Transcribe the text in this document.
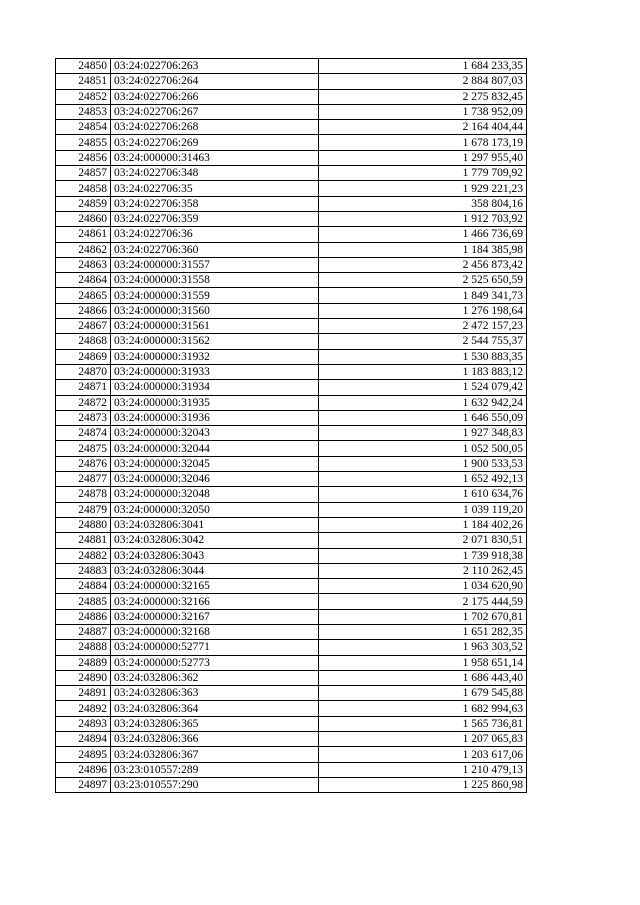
24850	03:24:022706:263	1 684 233,35
24851	03:24:022706:264	2 884 807,03
24852	03:24:022706:266	2 275 832,45
24853	03:24:022706:267	1 738 952,09
24854	03:24:022706:268	2 164 404,44
24855	03:24:022706:269	1 678 173,19
24856	03:24:000000:31463	1 297 955,40
24857	03:24:022706:348	1 779 709,92
24858	03:24:022706:35	1 929 221,23
24859	03:24:022706:358	358 804,16
24860	03:24:022706:359	1 912 703,92
24861	03:24:022706:36	1 466 736,69
24862	03:24:022706:360	1 184 385,98
24863	03:24:000000:31557	2 456 873,42
24864	03:24:000000:31558	2 525 650,59
24865	03:24:000000:31559	1 849 341,73
24866	03:24:000000:31560	1 276 198,64
24867	03:24:000000:31561	2 472 157,23
24868	03:24:000000:31562	2 544 755,37
24869	03:24:000000:31932	1 530 883,35
24870	03:24:000000:31933	1 183 883,12
24871	03:24:000000:31934	1 524 079,42
24872	03:24:000000:31935	1 632 942,24
24873	03:24:000000:31936	1 646 550,09
24874	03:24:000000:32043	1 927 348,83
24875	03:24:000000:32044	1 052 500,05
24876	03:24:000000:32045	1 900 533,53
24877	03:24:000000:32046	1 652 492,13
24878	03:24:000000:32048	1 610 634,76
24879	03:24:000000:32050	1 039 119,20
24880	03:24:032806:3041	1 184 402,26
24881	03:24:032806:3042	2 071 830,51
24882	03:24:032806:3043	1 739 918,38
24883	03:24:032806:3044	2 110 262,45
24884	03:24:000000:32165	1 034 620,90
24885	03:24:000000:32166	2 175 444,59
24886	03:24:000000:32167	1 702 670,81
24887	03:24:000000:32168	1 651 282,35
24888	03:24:000000:52771	1 963 303,52
24889	03:24:000000:52773	1 958 651,14
24890	03:24:032806:362	1 686 443,40
24891	03:24:032806:363	1 679 545,88
24892	03:24:032806:364	1 682 994,63
24893	03:24:032806:365	1 565 736,81
24894	03:24:032806:366	1 207 065,83
24895	03:24:032806:367	1 203 617,06
24896	03:23:010557:289	1 210 479,13
24897	03:23:010557:290	1 225 860,98
